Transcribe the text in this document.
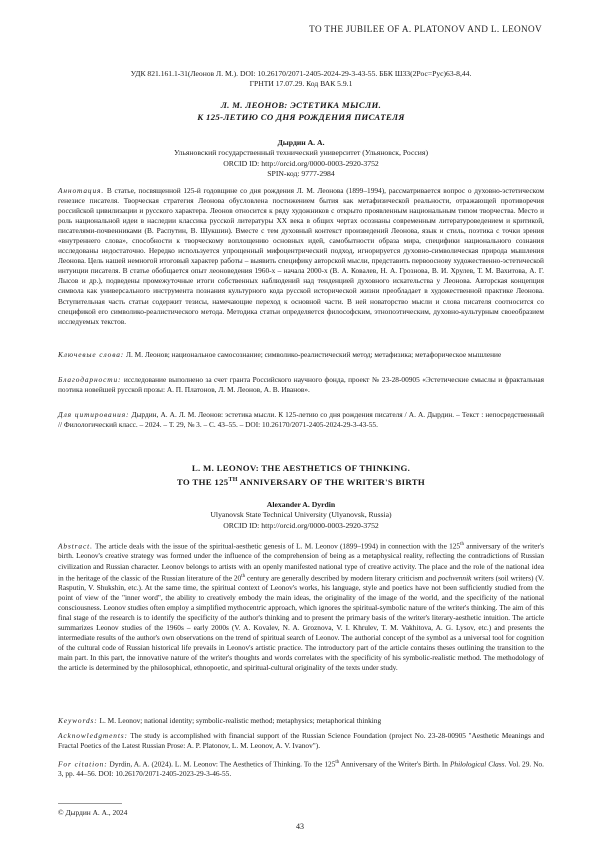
TO THE JUBILEE OF A. PLATONOV AND L. LEONOV
УДК 821.161.1-31(Леонов Л. М.). DOI: 10.26170/2071-2405-2024-29-3-43-55. ББК Ш33(2Рос=Рус)63-8,44.
ГРНТИ 17.07.29. Код ВАК 5.9.1
Л. М. ЛЕОНОВ: ЭСТЕТИКА МЫСЛИ.
К 125-ЛЕТИЮ СО ДНЯ РОЖДЕНИЯ ПИСАТЕЛЯ
Дырдин А. А.
Ульяновский государственный технический университет (Ульяновск, Россия)
ORCID ID: http://orcid.org/0000-0003-2920-3752
SPIN-код: 9777-2984
Аннотация. В статье, посвященной 125-й годовщине со дня рождения Л. М. Леонова (1899–1994), рассматривается вопрос о духовно-эстетическом генезисе писателя. Творческая стратегия Леонова обусловлена постижением бытия как метафизической реальности, отражающей противоречия российской цивилизации и русского характера. Леонов относится к ряду художников с открыто проявленным национальным типом творчества. Место и роль национальной идеи в наследии классика русской литературы XX века в общих чертах осознаны современным литературоведением и критикой, писателями-почвенниками (В. Распутин, В. Шукшин). Вместе с тем духовный контекст произведений Леонова, язык и стиль, поэтика с точки зрения «внутреннего слова», способности к творческому воплощению основных идей, самобытности образа мира, специфики национального сознания исследованы недостаточно. Нередко используется упрощенный мифоцентрический подход, игнорируется духовно-символическая природа мышления Леонова. Цель нашей немногой итоговый характер работы – выявить специфику авторской мысли, представить первооснову художественно-эстетической интуиции писателя. В статье обобщается опыт леоноведения 1960-х – начала 2000-х (В. А. Ковалев, Н. А. Грознова, В. И. Хрулев, Т. М. Вахитова, А. Г. Лысов и др.), подведены промежуточные итоги собственных наблюдений над тенденцией духовного искательства у Леонова. Авторская концепция символа как универсального инструмента познания культурного кода русской исторической жизни преобладает в художественной практике Леонова. Вступительная часть статьи содержит тезисы, намечающие переход к основной части. В ней новаторство мысли и слова писателя соотносится со спецификой его символико-реалистического метода. Методика статьи определяется философским, этнопоэтическим, духовно-культурным своеобразием исследуемых текстов.
Ключевые слова: Л. М. Леонов; национальное самосознание; символико-реалистический метод; метафизика; метафорическое мышление
Благодарности: исследование выполнено за счет гранта Российского научного фонда, проект № 23-28-00905 «Эстетические смыслы и фрактальная поэтика новейшей русской прозы: А. П. Платонов, Л. М. Леонов, А. В. Иванов».
Для цитирования: Дырдин, А. А. Л. М. Леонов: эстетика мысли. К 125-летию со дня рождения писателя / А. А. Дырдин. – Текст : непосредственный // Филологический класс. – 2024. – Т. 29, № 3. – С. 43–55. – DOI: 10.26170/2071-2405-2024-29-3-43-55.
L. M. LEONOV: THE AESTHETICS OF THINKING.
TO THE 125TH ANNIVERSARY OF THE WRITER'S BIRTH
Alexander A. Dyrdin
Ulyanovsk State Technical University (Ulyanovsk, Russia)
ORCID ID: http://orcid.org/0000-0003-2920-3752
Abstract. The article deals with the issue of the spiritual-aesthetic genesis of L. M. Leonov (1899–1994) in connection with the 125th anniversary of the writer's birth. Leonov's creative strategy was formed under the influence of the comprehension of being as a metaphysical reality, reflecting the contradictions of Russian civilization and Russian character. Leonov belongs to artists with an openly manifested national type of creative activity. The place and the role of the national idea in the heritage of the classic of the Russian literature of the 20th century are generally described by modern literary criticism and pochvennik writers (soil writers) (V. Rasputin, V. Shukshin, etc.). At the same time, the spiritual context of Leonov's works, his language, style and poetics have not been sufficiently studied from the point of view of the "inner word", the ability to creatively embody the main ideas, the originality of the image of the world, and the specificity of the national consciousness. Leonov studies often employ a simplified mythocentric approach, which ignores the spiritual-symbolic nature of the writer's thinking. The aim of this final stage of the research is to identify the specificity of the author's thinking and to present the primary basis of the writer's literary-aesthetic intuition. The article summarizes Leonov studies of the 1960s – early 2000s (V. A. Kovalev, N. A. Groznova, V. I. Khrulev, T. M. Vakhitova, A. G. Lysov, etc.) and presents the intermediate results of the author's own observations on the trend of spiritual search of Leonov. The authorial concept of the symbol as a universal tool for cognition of the cultural code of Russian historical life prevails in Leonov's artistic practice. The introductory part of the article contains theses outlining the transition to the main part. In this part, the innovative nature of the writer's thoughts and words correlates with the specificity of his symbolic-realistic method. The methodology of the article is determined by the philosophical, ethnopoetic, and spiritual-cultural originality of the texts under study.
Keywords: L. M. Leonov; national identity; symbolic-realistic method; metaphysics; metaphorical thinking
Acknowledgments: The study is accomplished with financial support of the Russian Science Foundation (project No. 23-28-00905 "Aesthetic Meanings and Fractal Poetics of the Latest Russian Prose: A. P. Platonov, L. M. Leonov, A. V. Ivanov").
For citation: Dyrdin, A. A. (2024). L. M. Leonov: The Aesthetics of Thinking. To the 125th Anniversary of the Writer's Birth. In Philological Class. Vol. 29. No. 3, pp. 44–56. DOI: 10.26170/2071-2405-2023-29-3-46-55.
© Дырдин А. А., 2024
43
